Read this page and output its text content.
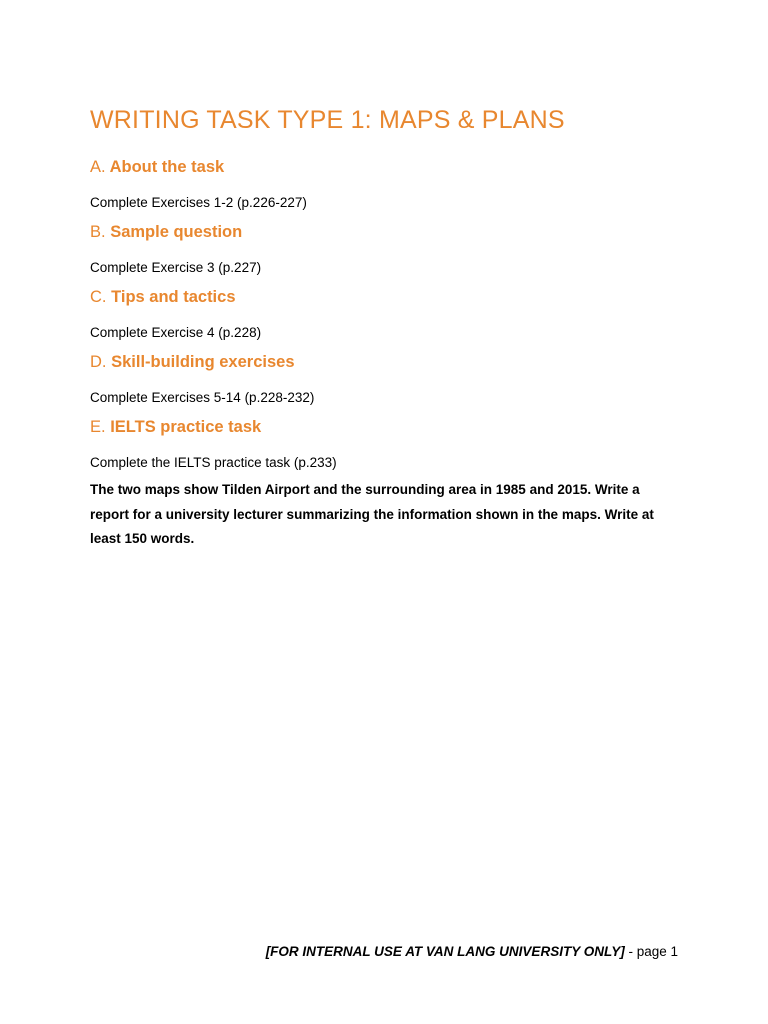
WRITING TASK TYPE 1: MAPS & PLANS
A. About the task

Complete Exercises 1-2 (p.226-227)

B. Sample question

Complete Exercise 3 (p.227)

C. Tips and tactics

Complete Exercise 4 (p.228)

D. Skill-building exercises

Complete Exercises 5-14 (p.228-232)

E. IELTS practice task

Complete the IELTS practice task (p.233)

The two maps show Tilden Airport and the surrounding area in 1985 and 2015. Write a report for a university lecturer summarizing the information shown in the maps. Write at least 150 words.

[FOR INTERNAL USE AT VAN LANG UNIVERSITY ONLY] - page 1
